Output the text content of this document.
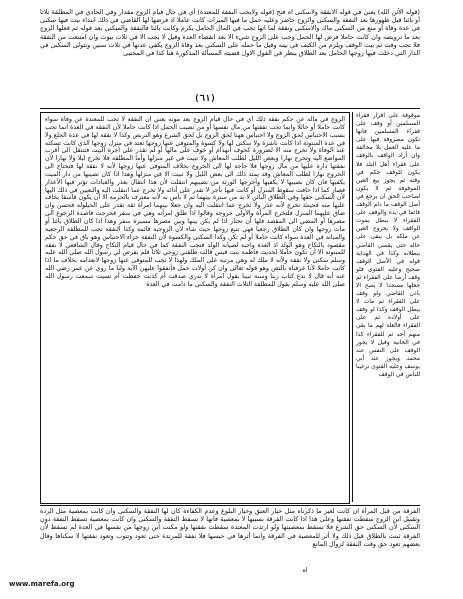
(قوله الأئن الله) يعني في قوله الانفقة ولاسكنى اه فتح (قوله ولايجب النفقة للمعتدة) أي في حال قيام الزوج مقدار وفي الحادي في المطلقة ثلاثا أو بائنا قبل ظهورها بعد النفقة والسكنى والزوج حاضر وعليه حمل ما فيها الميراث كانت عاملا اذ فرضها لها القاضي في ذلك ابتداء بيت فيها سكنى في عدة وفاة أو منع من السكنى ماك والاسكنى ونفقة لما انها تجب في المال الحامل يكرم وكانت بائنا فالنفقة والسكنى بعد قوله ثم فعلها الزوج بعد ما ترويضه وان كانت حاملا فرض لها الحمل وجب على الزوج شيء الا بعد انقضاء العدة وقيل لا يجب الا في ثلاث بيوت وان امتنعت من النفقة فلا تجب وقت ثم بيت الوقف ويلزم من الكنف في بيته وقيل ما حمله على السكنى بعد وفاة الزوج يكفي عدتها في ثلاث سنين وتتولى السكنى في الدار التي دخلت فيها زوجها الحامل بعد الطلاق ينظر في القول الاول قضيته المسألة المذكورة هنا كذا في المجتبى
(٦١)
موقوفة على اقرار فقراء المسلمين أو وقف على فقراء المسلمين فانها تكون مصروفة فيها على ما عليه العمل بلا مخالفة وان أراد الواقف بالوقف على فقراء أهل البلد فلا يكون للوقف حكم في وقته ثم يجوز بيع العين الموقوفة ثم لا يكون لصاحب الحق ان يرجع في أصل الوقف ما دام الوقف قائما في يده والوقف على الفقراء لا يبطل بموت الواقف ولا بخروج العين عن ملكه بل يبقى على حاله حتى يقضي القاضي ببطلانه وكذا في الهداية قوله في الأصل الوقف صحيح وعليه الفتوى فلو وقف أرضا على الفقراء ثم جعلها مسجدا لا يصح الا باذن القاضي ولو وقف على الفقراء ثم مات لا يبطل الوقف وكذا لو وقف على أولاده ثم على الفقراء فالغلة لهم ما بقي منهم أحد ثم للفقراء كذا في الخانية وقيل لا يجوز الوقف على النفس عند محمد ويجوز عند أبي يوسف وعليه الفتوى ترغيبا للناس في الوقف
الزوج في ماله عن حكم نفقة ذلك أي في حال قيام الزوج بعد موته يعني أن النفقة لا تجب للمعتدة عن وفاة سواء كانت حاملا أو حائلا وانما تجب نفقتها من مال نفسها أو من نصيب الحمل اذا كانت حاملا لأن النفقة في العدة انما تجب بسبب الاحتباس لحق الزوج ولا احتباس ههنا لحق الزوج بل لحق الشرع وهو التربص وكذا لا نفقة لها في عدة الخلع ولا في عدة المبتوتة اذا كانت ناشزة ولا سكنى لها ولا كسوة والمتوفى عنها زوجها تعتد في منزل زوجها الذي كانت تسكنه عند الوفاة ولا تخرج منه الا لضرورة كخوف انهدام أو خوف على مالها أو لم تقدر على أجرة البيت فتنتقل الى أقرب المواضع اليه وتخرج نهارا وبعض الليل لطلب المعاش ولا تبيت في غير منزلها وأما المطلقة فلا تخرج ليلا ولا نهارا لأن نفقتها دارة عليها من مال زوجها فلا حاجة لها الى الخروج بخلاف المتوفى عنها زوجها لأنه لا نفقة لها فتحتاج الى الخروج نهارا لطلب المعاش وقد يمتد ذلك الى بعض الليل ولا تبيت الا في منزلها وهذا اذا كان نصيبها من دار الميت يكفيها فان كان نصيبها لا يكفيها وأخرجها الورثة من نصيبهم انتقلت لأن هذا انتقال بعذر والعبادات تؤثر فيها الأعذار فصار كما اذا خافت سقوط المنزل أو كانت فيها بأجر لا تقدر على أدائه ولا تخرج عما انتقلت اليه والتعيين في ذلك اليها لأن السكنى حقها وفي الطلاق البائن لا بد من سترة بينهما ثم لا بأس به لأنه معترف بالحرمة الا أن يكون فاسقا يخاف عليها منه فحينئذ تخرج لأنه عذر ولا تخرج عما انتقلت اليه وان جعلا بينهما امرأة ثقة تقدر على الحيلولة فحسن وان ضاق عليهما المنزل فلتخرج المرأة والأولى خروجه وقالوا اذا طلق امرأته وهي في سفر فخرجت قاصدة الرجوع الى مصرها أو المضي الى المقصد فلها أن تختار اذا لم يكن بينها وبين مصرها مسيرة سفر وهذا اذا كان الطلاق بائنا أو مات زوجها وان كان الطلاق رجعيا فهي تتبع زوجها حيث شاء لأن الزوجية قائمة وكذا النفقة تجب للمطلقة الرجعية والمبانة في العدة سواء كانت حاملا أو لم تكن وكذا السكنى والكسوة لأن النفقة جزاء الاحتباس وهو باق في حق حكم مقصود بالنكاح وهو الولد اذ العدة واجبة لصيانة الولد فتجب النفقة كما في حال قيام النكاح وقال الشافعي لا نفقة للمبتوتة الا أن تكون حاملا لحديث فاطمة بنت قيس قالت طلقني زوجي ثلاثا فلم يفرض لي رسول الله صلى الله عليه وسلم سكنى ولا نفقة ولأنه لا ملك له وهي مرتبة على الملك ولهذا لا تجب للمتوفى عنها زوجها لانعدامه بخلاف ما اذا كانت حاملا لأنا عرفناه بالنص وهو قوله تعالى وان كن أولات حمل فأنفقوا عليهن الآية ولنا ما روي عن عمر رضي الله عنه أنه قال لا ندع كتاب ربنا وسنة نبينا بقول امرأة لا ندري صدقت أم كذبت حفظت أم نسيت سمعت رسول الله صلى الله عليه وسلم يقول للمطلقة الثلاث النفقة والسكنى ما دامت في العدة
الفرقة من قبل المرأة ان كانت لغير ما ذكرناه مثل خيار العتق وخيار البلوغ وعدم الكفاءة كان لها النفقة والسكنى وان كانت بمعصية مثل الردة وتقبيل ابن الزوج سقطت نفقتها وعلى هذا اذا كانت الفرقة بسببها لا بمعصية فانها لا تسقط النفقة والسكنى وان كانت بمعصية تسقط النفقة دون السكنى لأن السكنى حق الشرع فلا تسقط بمعصيتها ولو ارتدت المعتدة سقطت نفقتها ولو مكنت ابن زوجها من نفسها في العدة لم تسقط لأن الفرقة ثبتت بالطلاق قبل ذلك ولا أثر للمعصية في الفرقة وانما أثرها في حبسها فلا نفقة للمرتدة حتى تعود وتتوب وتعود نفقتها لا سكناها وقال بعضهم تعود حق وقت النفقة لزوال المانع
اه
www.marefa.org
